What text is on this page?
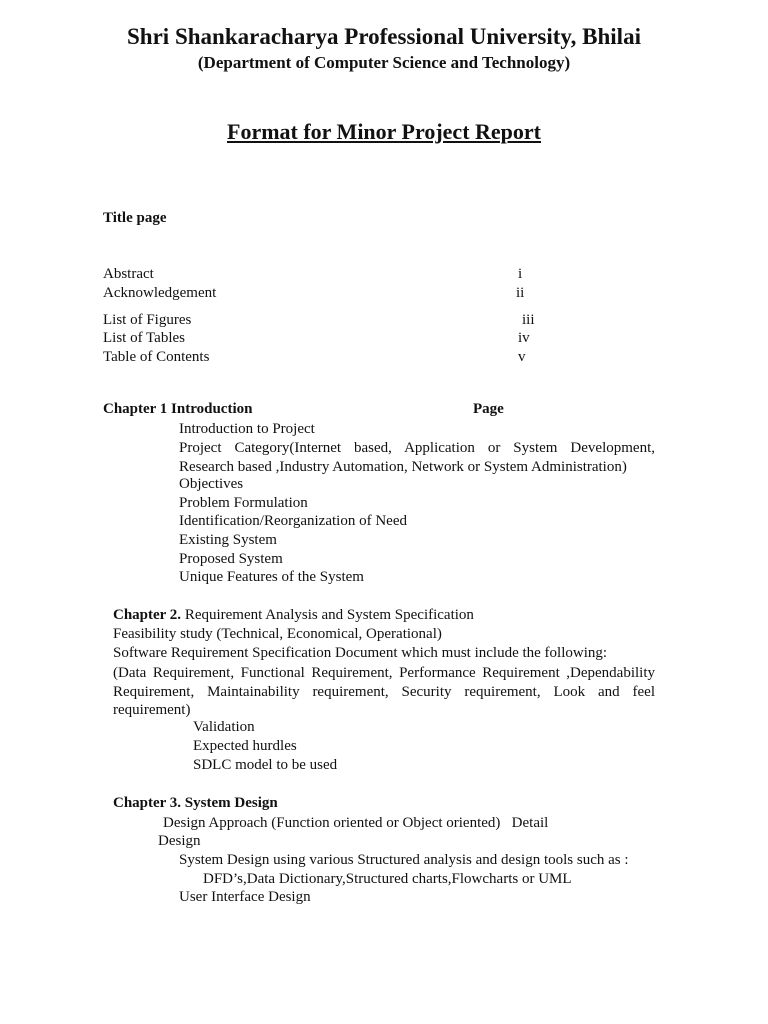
Shri Shankaracharya Professional University, Bhilai
(Department of Computer Science and Technology)
Format for Minor Project Report
Title page
Abstract	i
Acknowledgement	ii
List of Figures	iii
List of Tables	iv
Table of Contents	v
Chapter 1 Introduction	Page
Introduction to Project
Project Category(Internet based, Application or System Development, Research based ,Industry Automation, Network or System Administration)
Objectives
Problem Formulation
Identification/Reorganization of Need
Existing System
Proposed System
Unique Features of the System
Chapter 2. Requirement Analysis and System Specification
Feasibility study (Technical, Economical, Operational)
Software Requirement Specification Document which must include the following:
(Data Requirement, Functional Requirement, Performance Requirement ,Dependability Requirement, Maintainability requirement, Security requirement, Look and feel requirement)
Validation
Expected hurdles
SDLC model to be used
Chapter 3. System Design
Design Approach (Function oriented or Object oriented)   Detail
Design
System Design using various Structured analysis and design tools such as :
DFD’s,Data Dictionary,Structured charts,Flowcharts or UML
User Interface Design
